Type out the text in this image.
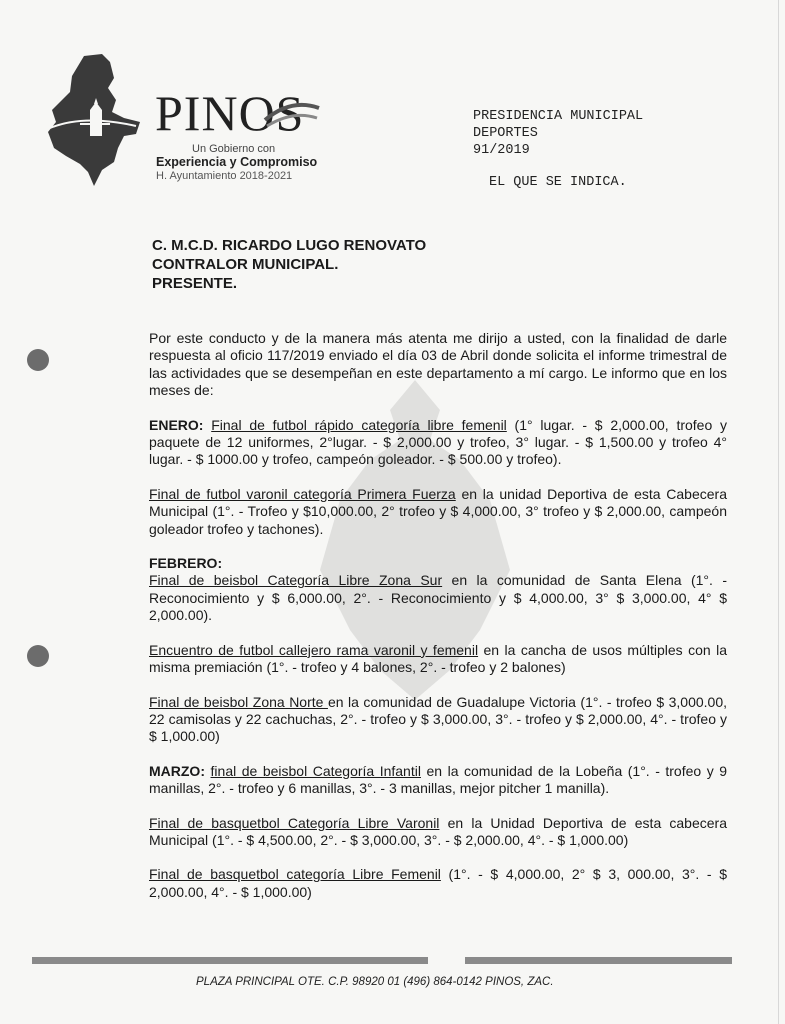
PINOS
Un Gobierno con
Experiencia y Compromiso
H. Ayuntamiento 2018-2021
PRESIDENCIA MUNICIPAL
DEPORTES
91/2019
EL QUE SE INDICA.
C. M.C.D. RICARDO LUGO RENOVATO
CONTRALOR MUNICIPAL.
PRESENTE.

Por este conducto y de la manera más atenta me dirijo a usted, con la finalidad de darle respuesta al oficio 117/2019 enviado el día 03 de Abril donde solicita el informe trimestral de las actividades que se desempeñan en este departamento a mí cargo. Le informo que en los meses de:

ENERO: Final de futbol rápido categoría libre femenil (1° lugar. - $ 2,000.00, trofeo y paquete de 12 uniformes, 2°lugar. - $ 2,000.00 y trofeo, 3° lugar. - $ 1,500.00 y trofeo 4° lugar. - $ 1000.00 y trofeo, campeón goleador. - $ 500.00 y trofeo).

Final de futbol varonil categoría Primera Fuerza en la unidad Deportiva de esta Cabecera Municipal (1°. - Trofeo y $10,000.00, 2° trofeo y $ 4,000.00, 3° trofeo y $ 2,000.00, campeón goleador trofeo y tachones).

FEBRERO:

Final de beisbol Categoría Libre Zona Sur en la comunidad de Santa Elena (1°. - Reconocimiento y $ 6,000.00, 2°. - Reconocimiento y $ 4,000.00, 3° $ 3,000.00, 4° $ 2,000.00).

Encuentro de futbol callejero rama varonil y femenil en la cancha de usos múltiples con la misma premiación (1°. - trofeo y 4 balones, 2°. - trofeo y 2 balones)

Final de beisbol Zona Norte en la comunidad de Guadalupe Victoria (1°. - trofeo $ 3,000.00, 22 camisolas y 22 cachuchas, 2°. - trofeo y $ 3,000.00, 3°. - trofeo y $ 2,000.00, 4°. - trofeo y $ 1,000.00)

MARZO: final de beisbol Categoría Infantil en la comunidad de la Lobeña (1°. - trofeo y 9 manillas, 2°. - trofeo y 6 manillas, 3°. - 3 manillas, mejor pitcher 1 manilla).

Final de basquetbol Categoría Libre Varonil en la Unidad Deportiva de esta cabecera Municipal (1°. - $ 4,500.00, 2°. - $ 3,000.00, 3°. - $ 2,000.00, 4°. - $ 1,000.00)

Final de basquetbol categoría Libre Femenil (1°. - $ 4,000.00, 2° $ 3, 000.00, 3°. - $ 2,000.00, 4°. - $ 1,000.00)

PLAZA PRINCIPAL OTE. C.P. 98920 01 (496) 864-0142 PINOS, ZAC.
